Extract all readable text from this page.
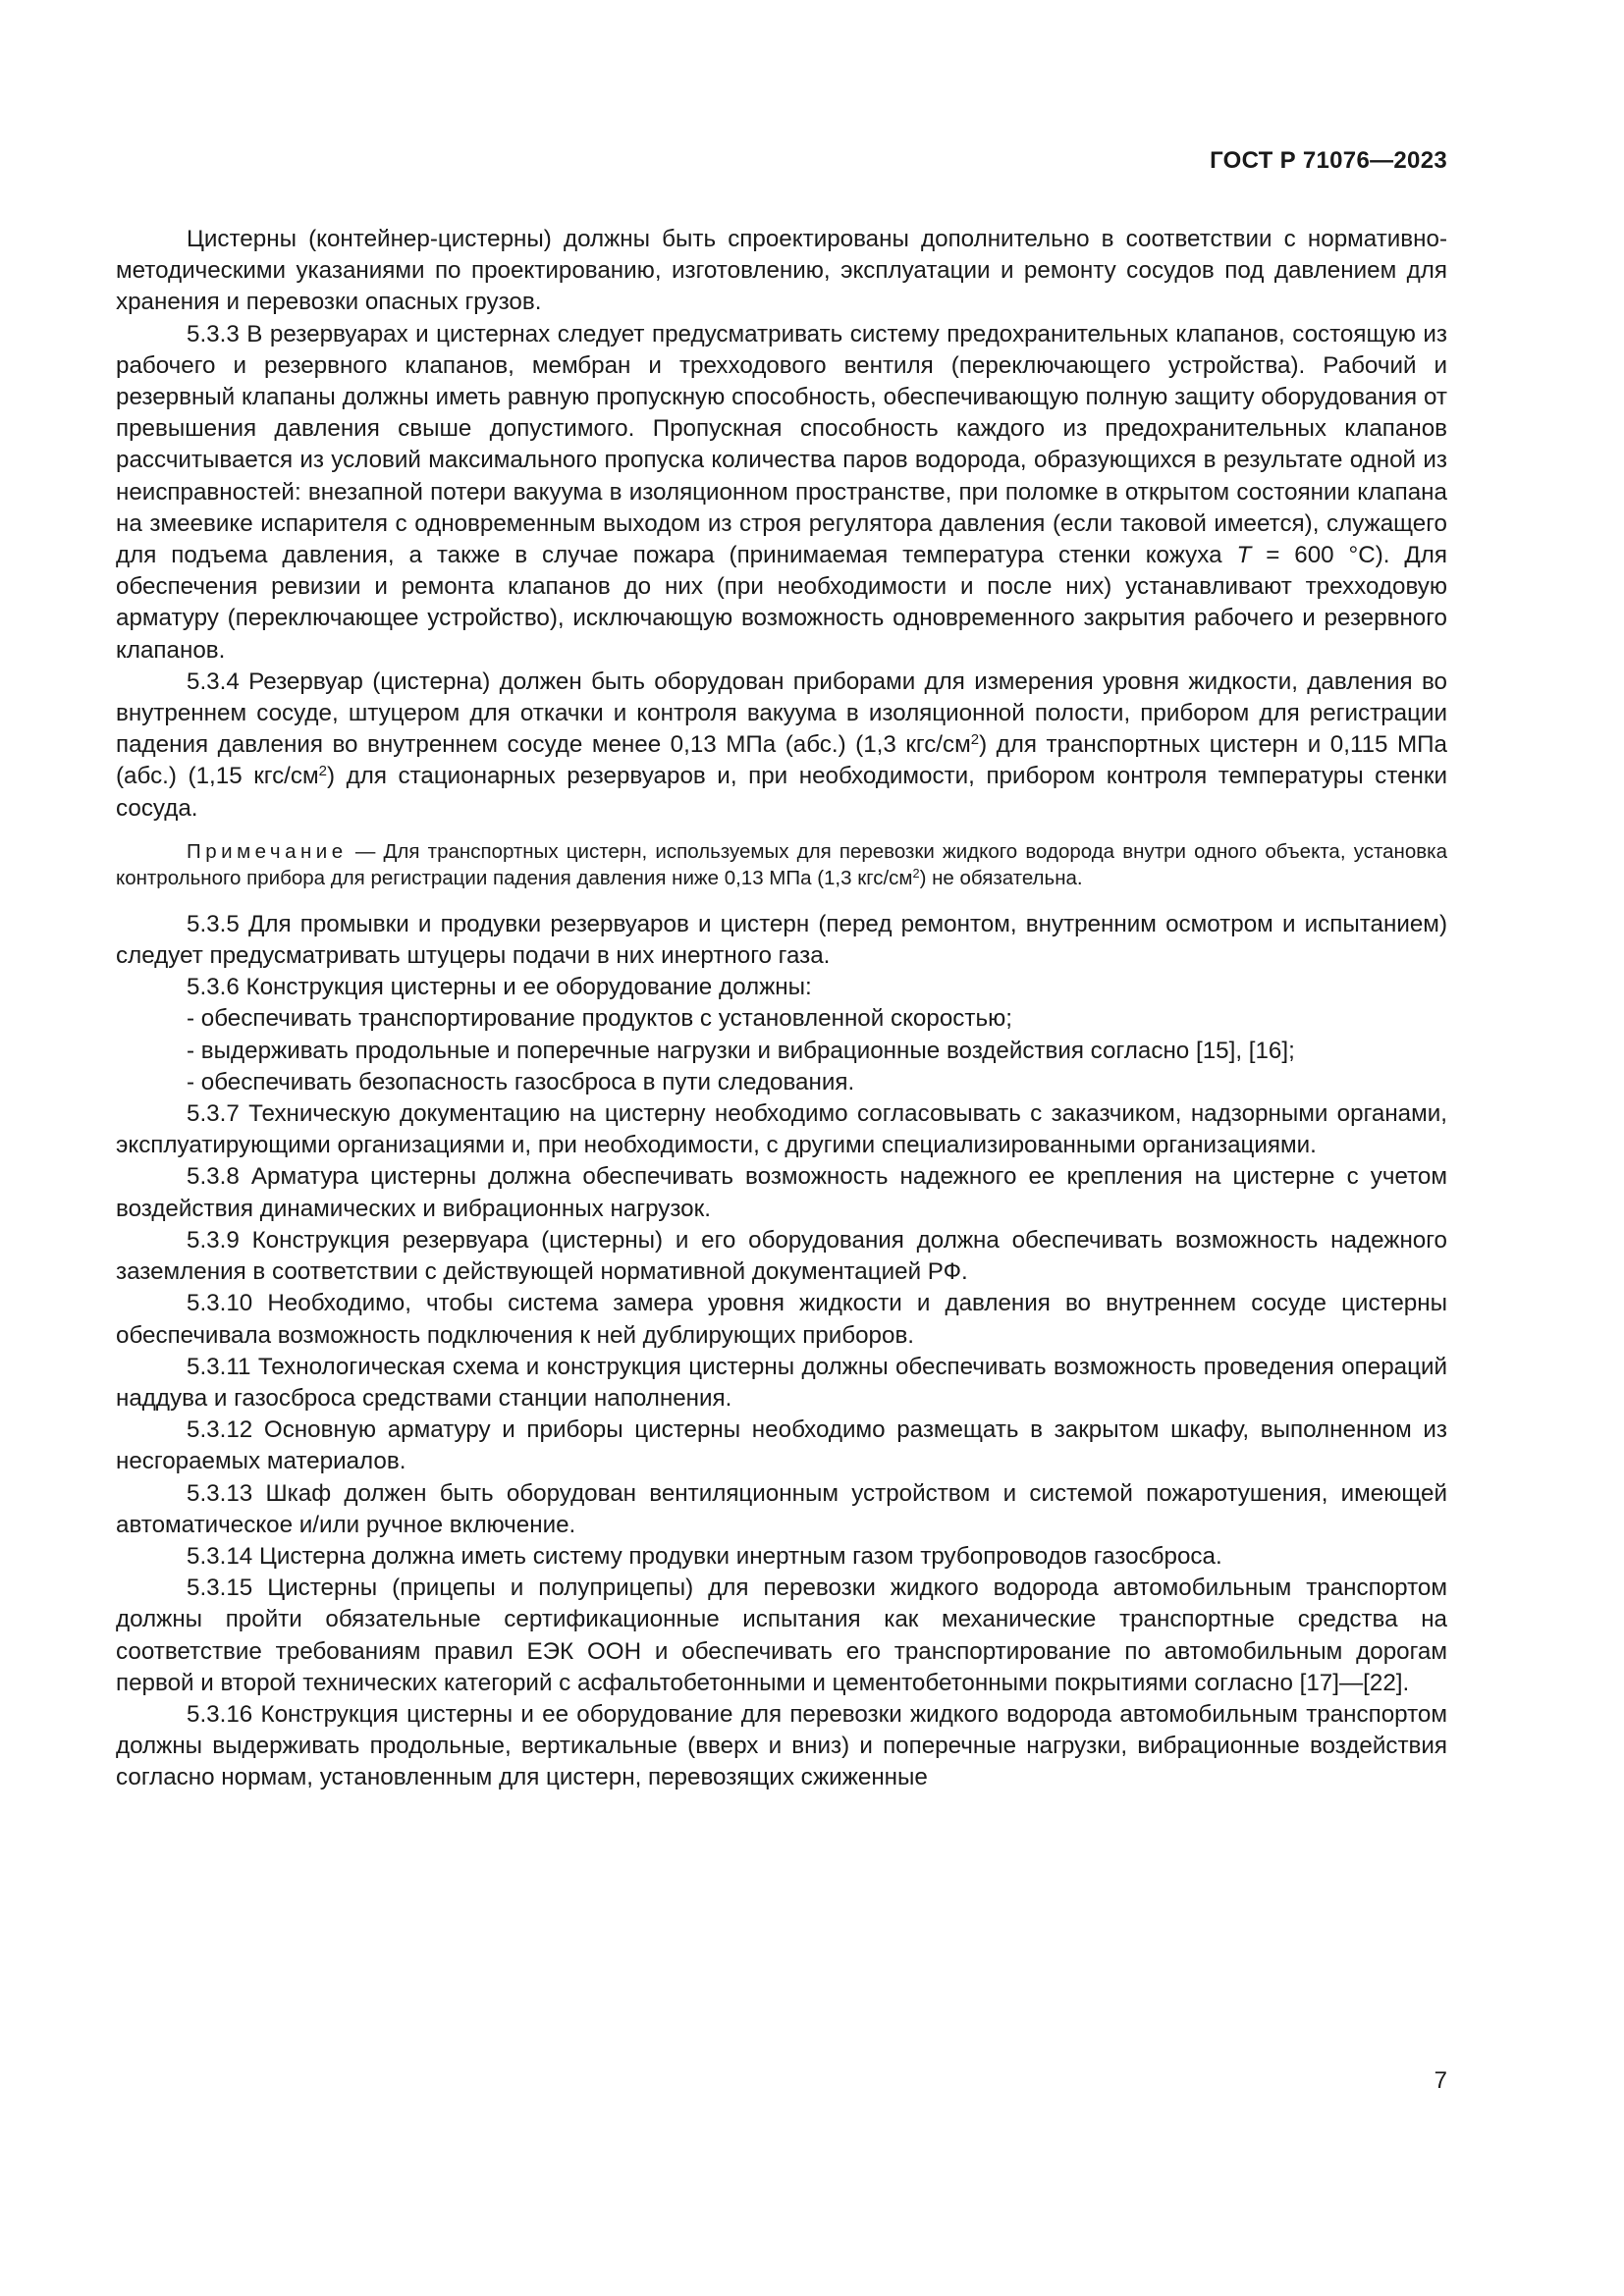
ГОСТ Р 71076—2023

Цистерны (контейнер-цистерны) должны быть спроектированы дополнительно в соответствии с нормативно-методическими указаниями по проектированию, изготовлению, эксплуатации и ремонту сосудов под давлением для хранения и перевозки опасных грузов.

5.3.3 В резервуарах и цистернах следует предусматривать систему предохранительных клапанов, состоящую из рабочего и резервного клапанов, мембран и трехходового вентиля (переключающего устройства). Рабочий и резервный клапаны должны иметь равную пропускную способность, обеспечивающую полную защиту оборудования от превышения давления свыше допустимого. Пропускная способность каждого из предохранительных клапанов рассчитывается из условий максимального пропуска количества паров водорода, образующихся в результате одной из неисправностей: внезапной потери вакуума в изоляционном пространстве, при поломке в открытом состоянии клапана на змеевике испарителя с одновременным выходом из строя регулятора давления (если таковой имеется), служащего для подъема давления, а также в случае пожара (принимаемая температура стенки кожуха T = 600 °С). Для обеспечения ревизии и ремонта клапанов до них (при необходимости и после них) устанавливают трехходовую арматуру (переключающее устройство), исключающую возможность одновременного закрытия рабочего и резервного клапанов.

5.3.4 Резервуар (цистерна) должен быть оборудован приборами для измерения уровня жидкости, давления во внутреннем сосуде, штуцером для откачки и контроля вакуума в изоляционной полости, прибором для регистрации падения давления во внутреннем сосуде менее 0,13 МПа (абс.) (1,3 кгс/$см^2$) для транспортных цистерн и 0,115 МПа (абс.) (1,15 кгс/$см^2$) для стационарных резервуаров и, при необходимости, прибором контроля температуры стенки сосуда.

Примечание — Для транспортных цистерн, используемых для перевозки жидкого водорода внутри одного объекта, установка контрольного прибора для регистрации падения давления ниже 0,13 МПа (1,3 кгс/$см^2$) не обязательна.

5.3.5 Для промывки и продувки резервуаров и цистерн (перед ремонтом, внутренним осмотром и испытанием) следует предусматривать штуцеры подачи в них инертного газа.

5.3.6 Конструкция цистерны и ее оборудование должны:

- обеспечивать транспортирование продуктов с установленной скоростью;

- выдерживать продольные и поперечные нагрузки и вибрационные воздействия согласно [15], [16];

- обеспечивать безопасность газосброса в пути следования.

5.3.7 Техническую документацию на цистерну необходимо согласовывать с заказчиком, надзорными органами, эксплуатирующими организациями и, при необходимости, с другими специализированными организациями.

5.3.8 Арматура цистерны должна обеспечивать возможность надежного ее крепления на цистерне с учетом воздействия динамических и вибрационных нагрузок.

5.3.9 Конструкция резервуара (цистерны) и его оборудования должна обеспечивать возможность надежного заземления в соответствии с действующей нормативной документацией РФ.

5.3.10 Необходимо, чтобы система замера уровня жидкости и давления во внутреннем сосуде цистерны обеспечивала возможность подключения к ней дублирующих приборов.

5.3.11 Технологическая схема и конструкция цистерны должны обеспечивать возможность проведения операций наддува и газосброса средствами станции наполнения.

5.3.12 Основную арматуру и приборы цистерны необходимо размещать в закрытом шкафу, выполненном из несгораемых материалов.

5.3.13 Шкаф должен быть оборудован вентиляционным устройством и системой пожаротушения, имеющей автоматическое и/или ручное включение.

5.3.14 Цистерна должна иметь систему продувки инертным газом трубопроводов газосброса.

5.3.15 Цистерны (прицепы и полуприцепы) для перевозки жидкого водорода автомобильным транспортом должны пройти обязательные сертификационные испытания как механические транспортные средства на соответствие требованиям правил ЕЭК ООН и обеспечивать его транспортирование по автомобильным дорогам первой и второй технических категорий с асфальтобетонными и цементобетонными покрытиями согласно [17]—[22].

5.3.16 Конструкция цистерны и ее оборудование для перевозки жидкого водорода автомобильным транспортом должны выдерживать продольные, вертикальные (вверх и вниз) и поперечные нагрузки, вибрационные воздействия согласно нормам, установленным для цистерн, перевозящих сжиженные

7
